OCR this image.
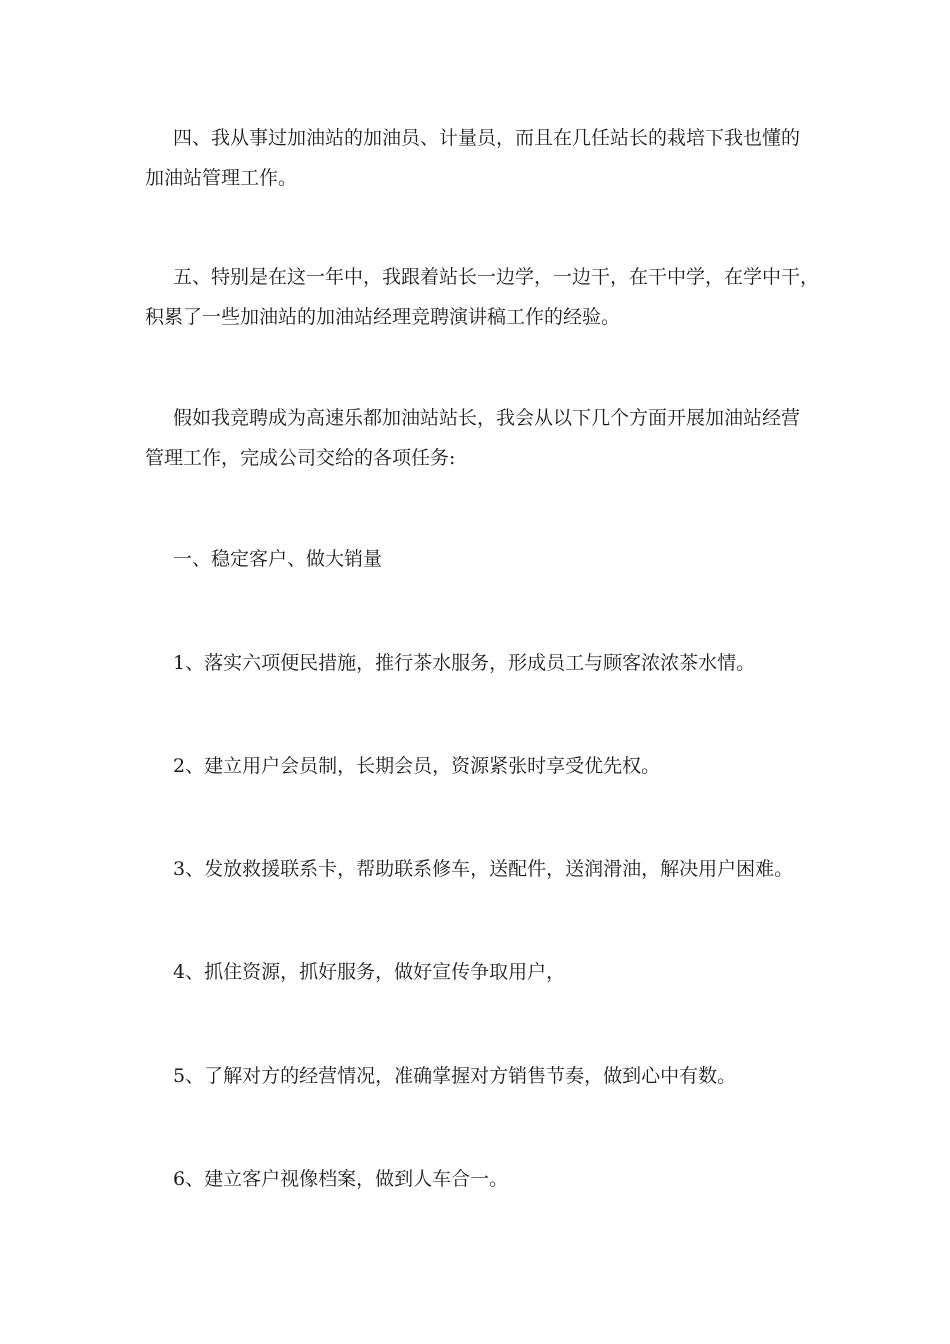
四、我从事过加油站的加油员、计量员，而且在几任站长的栽培下我也懂的
加油站管理工作。
五、特别是在这一年中，我跟着站长一边学，一边干，在干中学，在学中干，
积累了一些加油站的加油站经理竞聘演讲稿工作的经验。
假如我竞聘成为高速乐都加油站站长，我会从以下几个方面开展加油站经营
管理工作，完成公司交给的各项任务:

一、稳定客户、做大销量

1、落实六项便民措施，推行茶水服务，形成员工与顾客浓浓茶水情。

2、建立用户会员制，长期会员，资源紧张时享受优先权。

3、发放救援联系卡，帮助联系修车，送配件，送润滑油，解决用户困难。

4、抓住资源，抓好服务，做好宣传争取用户，

5、了解对方的经营情况，准确掌握对方销售节奏，做到心中有数。

6、建立客户视像档案，做到人车合一。
